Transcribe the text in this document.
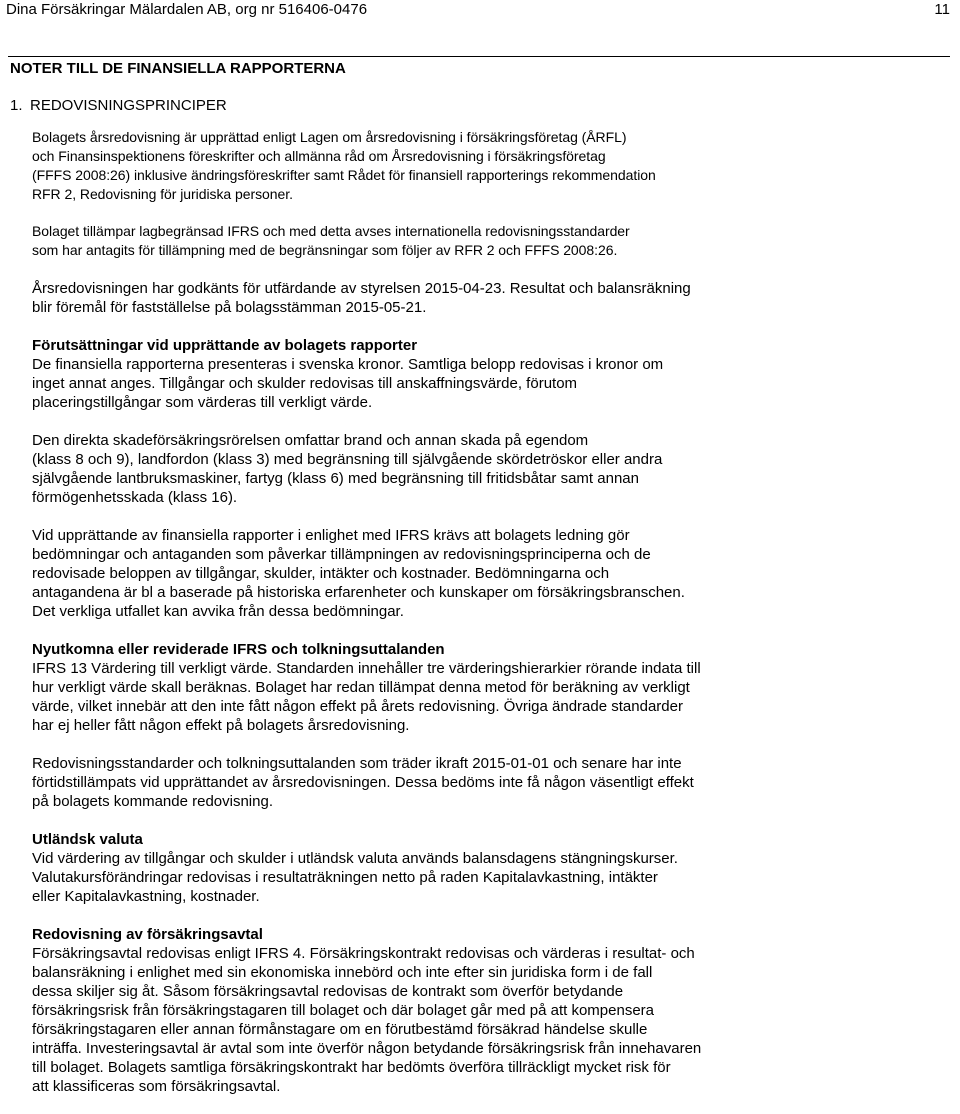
Dina Försäkringar Mälardalen AB, org nr 516406-0476	11
NOTER TILL DE FINANSIELLA RAPPORTERNA
1. REDOVISNINGSPRINCIPER
Bolagets årsredovisning är upprättad enligt Lagen om årsredovisning i försäkringsföretag (ÅRFL)
och Finansinspektionens föreskrifter och allmänna råd om Årsredovisning i försäkringsföretag
(FFFS 2008:26) inklusive ändringsföreskrifter samt Rådet för finansiell rapporterings rekommendation
RFR 2, Redovisning för juridiska personer.
Bolaget tillämpar lagbegränsad IFRS och med detta avses internationella redovisningsstandarder
som har antagits för tillämpning med de begränsningar som följer av RFR 2 och FFFS 2008:26.
Årsredovisningen har godkänts för utfärdande av styrelsen 2015-04-23. Resultat och balansräkning
blir föremål för fastställelse på bolagsstämman 2015-05-21.
Förutsättningar vid upprättande av bolagets rapporter
De finansiella rapporterna presenteras i svenska kronor. Samtliga belopp redovisas i kronor om
inget annat anges. Tillgångar och skulder redovisas till anskaffningsvärde, förutom
placeringstillgångar som värderas till verkligt värde.
Den direkta skadeförsäkringsrörelsen omfattar brand och annan skada på egendom
(klass 8 och 9), landfordon (klass 3) med begränsning till självgående skördetröskor eller andra
självgående lantbruksmaskiner, fartyg (klass 6) med begränsning till fritidsbåtar samt annan
förmögenhetsskada (klass 16).
Vid upprättande av finansiella rapporter i enlighet med IFRS krävs att bolagets ledning gör
bedömningar och antaganden som påverkar tillämpningen av redovisningsprinciperna och de
redovisade beloppen av tillgångar, skulder, intäkter och kostnader. Bedömningarna och
antagandena är bl a baserade på historiska erfarenheter och kunskaper om försäkringsbranschen.
Det verkliga utfallet kan avvika från dessa bedömningar.
Nyutkomna eller reviderade IFRS och tolkningsuttalanden
IFRS 13 Värdering till verkligt värde. Standarden innehåller tre värderingshierarkier rörande indata till
hur verkligt värde skall beräknas. Bolaget har redan tillämpat denna metod för beräkning av verkligt
värde, vilket innebär att den inte fått någon effekt på årets redovisning. Övriga ändrade standarder
har ej heller fått någon effekt på bolagets årsredovisning.
Redovisningsstandarder och tolkningsuttalanden som träder ikraft 2015-01-01 och senare har inte
förtidstillämpats vid upprättandet av årsredovisningen. Dessa bedöms inte få någon väsentligt effekt
på bolagets kommande redovisning.
Utländsk valuta
Vid värdering av tillgångar och skulder i utländsk valuta används balansdagens stängningskurser.
Valutakursförändringar redovisas i resultaträkningen netto på raden Kapitalavkastning, intäkter
eller Kapitalavkastning, kostnader.
Redovisning av försäkringsavtal
Försäkringsavtal redovisas enligt IFRS 4. Försäkringskontrakt redovisas och värderas i resultat- och
balansräkning i enlighet med sin ekonomiska innebörd och inte efter sin juridiska form i de fall
dessa skiljer sig åt. Såsom försäkringsavtal redovisas de kontrakt som överför betydande
försäkringsrisk från försäkringstagaren till bolaget och där bolaget går med på att kompensera
försäkringstagaren eller annan förmånstagare om en förutbestämd försäkrad händelse skulle
inträffa. Investeringsavtal är avtal som inte överför någon betydande försäkringsrisk från innehavaren
till bolaget. Bolagets samtliga försäkringskontrakt har bedömts överföra tillräckligt mycket risk för
att klassificeras som försäkringsavtal.
